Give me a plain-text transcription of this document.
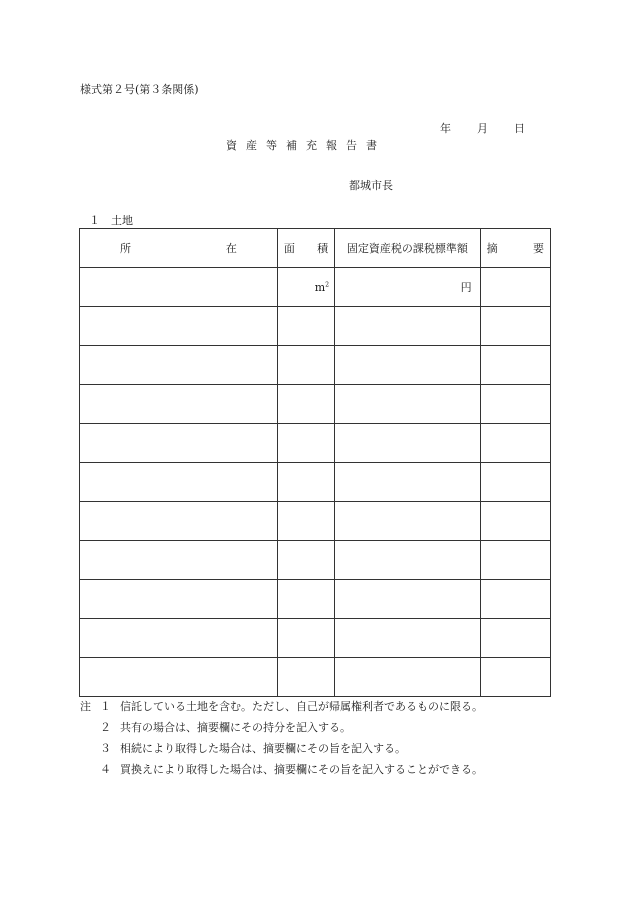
様式第２号(第３条関係)
年 月 日
資産等補充報告書
都城市長
１　土地
所 在	面 積	固定資産税の課税標準額	摘 要

	$m^2$	円	

注 １ 信託している土地を含む。ただし、自己が帰属権利者であるものに限る。
２ 共有の場合は、摘要欄にその持分を記入する。
３ 相続により取得した場合は、摘要欄にその旨を記入する。
４ 買換えにより取得した場合は、摘要欄にその旨を記入することができる。
